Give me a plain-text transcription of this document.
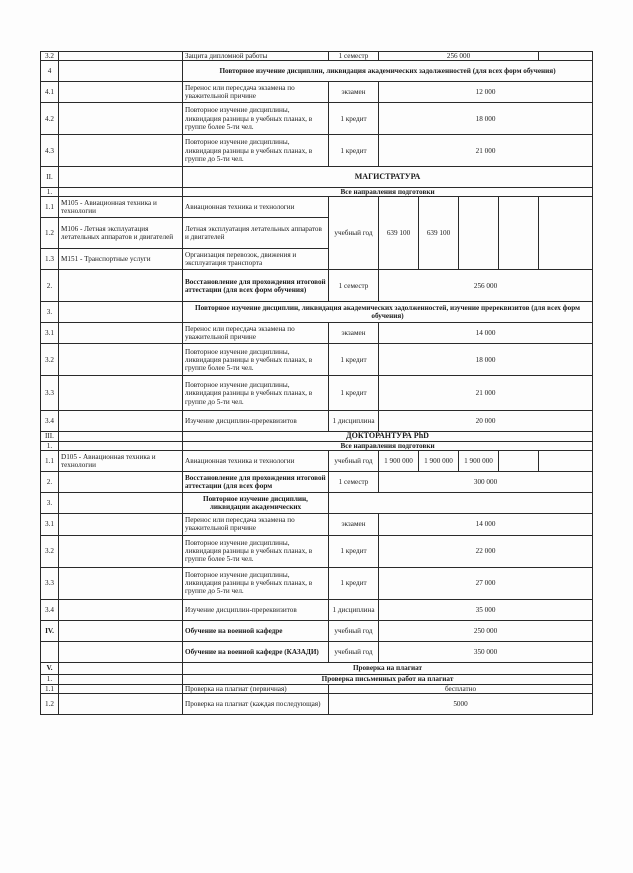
3.2		Защита дипломной работы	1 семестр	256 000				
4		Повторное изучение дисциплин, ликвидация академических задолженностей (для всех форм обучения)						
4.1		Перенос или пересдача экзамена по уважительной причине	экзамен	12 000				
4.2		Повторное изучение дисциплины, ликвидация разницы в учебных планах, в группе более 5-ти чел.	1 кредит	18 000				
4.3		Повторное изучение дисциплины, ликвидация разницы в учебных планах, в группе до 5-ти чел.	1 кредит	21 000				
II.		МАГИСТРАТУРА						
1.		Все направления подготовки						
1.1	М105 - Авиационная техника и технологии	Авиационная техника и технологии	учебный год	639 100	639 100			
1.2	М106 - Летная эксплуатация летательных аппаратов и двигателей	Летная эксплуатация летательных аппаратов и двигателей						
1.3	М151 - Транспортные услуги	Организация перевозок, движения и эксплуатация транспорта						
2.		Восстановление для прохождения итоговой аттестации (для всех форм обучения)	1 семестр	256 000				
3.		Повторное изучение дисциплин, ликвидация академических задолженностей, изучение пререквизитов (для всех форм обучения)						
3.1		Перенос или пересдача экзамена по уважительной причине	экзамен	14 000				
3.2		Повторное изучение дисциплины, ликвидация разницы в учебных планах, в группе более 5-ти чел.	1 кредит	18 000				
3.3		Повторное изучение дисциплины, ликвидация разницы в учебных планах, в группе до 5-ти чел.	1 кредит	21 000				
3.4		Изучение дисциплин-пререквизитов	1 дисциплина	20 000				
III.		ДОКТОРАНТУРА PhD						
1.		Все направления подготовки						
1.1	D105 - Авиационная техника и технологии	Авиационная техника и технологии	учебный год	1 900 000	1 900 000	1 900 000		
2.		Восстановление для прохождения итоговой аттестации (для всех форм	1 семестр	300 000				
3.		Повторное изучение дисциплин, ликвидации академических						
3.1		Перенос или пересдача экзамена по уважительной причине	экзамен	14 000				
3.2		Повторное изучение дисциплины, ликвидация разницы в учебных планах, в группе более 5-ти чел.	1 кредит	22 000				
3.3		Повторное изучение дисциплины, ликвидация разницы в учебных планах, в группе до 5-ти чел.	1 кредит	27 000				
3.4		Изучение дисциплин-пререквизитов	1 дисциплина	35 000				
IV.		Обучение на военной кафедре	учебный год	250 000				
		Обучение на военной кафедре (КАЗАДИ)	учебный год	350 000				
V.		Проверка на плагиат						
1.		Проверка письменных работ на плагиат						
1.1		Проверка на плагиат (первичная)	бесплатно					
1.2		Проверка на плагиат (каждая последующая)	5000					
